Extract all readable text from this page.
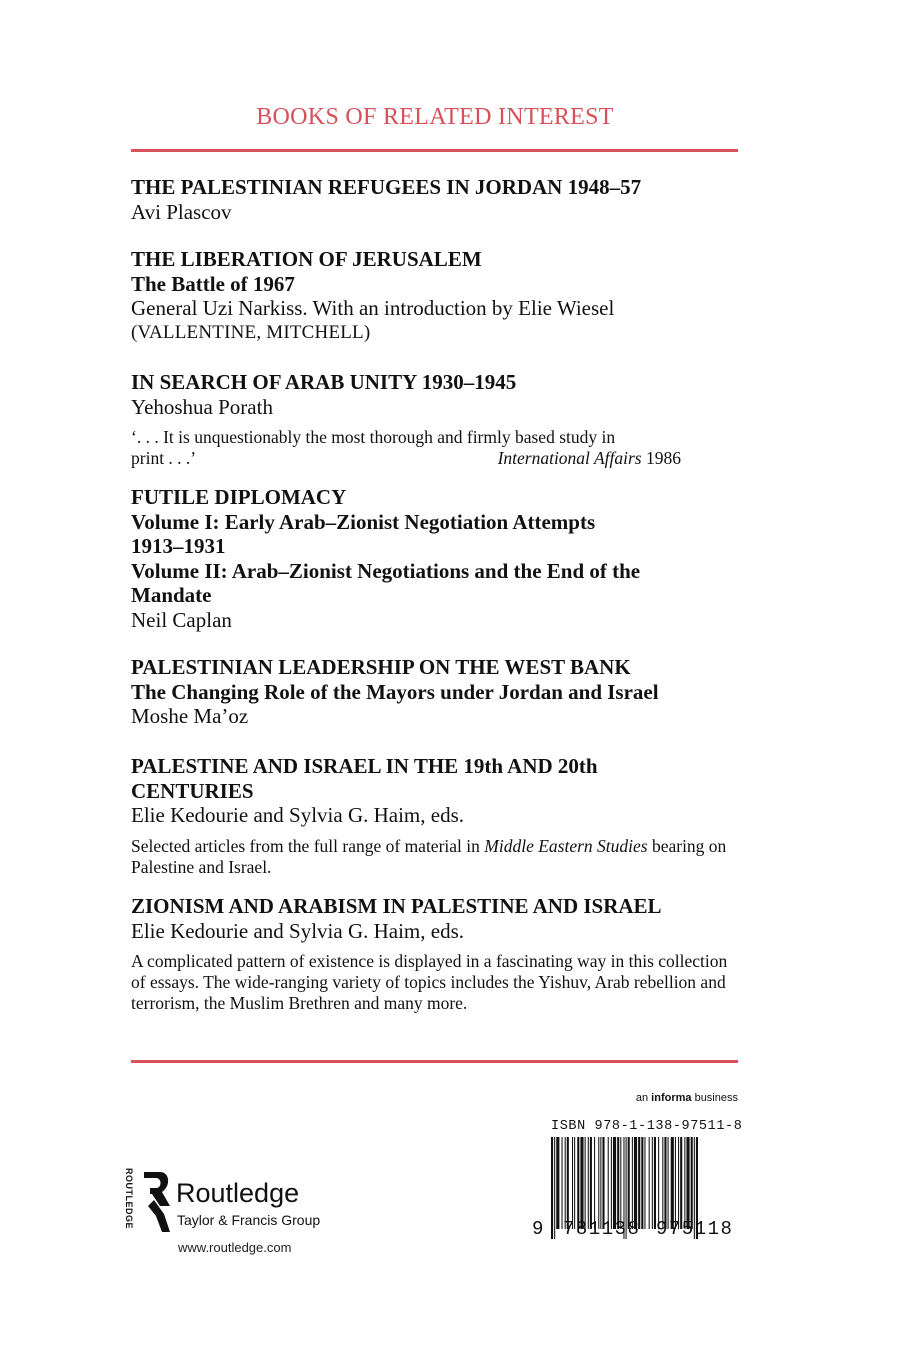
BOOKS OF RELATED INTEREST
THE PALESTINIAN REFUGEES IN JORDAN 1948–57
Avi Plascov
THE LIBERATION OF JERUSALEM
The Battle of 1967
General Uzi Narkiss. With an introduction by Elie Wiesel
(VALLENTINE, MITCHELL)
IN SEARCH OF ARAB UNITY 1930–1945
Yehoshua Porath
‘. . . It is unquestionably the most thorough and firmly based study in
print . . .’	International Affairs 1986
FUTILE DIPLOMACY
Volume I: Early Arab–Zionist Negotiation Attempts
1913–1931
Volume II: Arab–Zionist Negotiations and the End of the
Mandate
Neil Caplan
PALESTINIAN LEADERSHIP ON THE WEST BANK
The Changing Role of the Mayors under Jordan and Israel
Moshe Ma’oz
PALESTINE AND ISRAEL IN THE 19th AND 20th
CENTURIES
Elie Kedourie and Sylvia G. Haim, eds.
Selected articles from the full range of material in Middle Eastern Studies bearing on Palestine and Israel.
ZIONISM AND ARABISM IN PALESTINE AND ISRAEL
Elie Kedourie and Sylvia G. Haim, eds.
A complicated pattern of existence is displayed in a fascinating way in this collection of essays. The wide-ranging variety of topics includes the Yishuv, Arab rebellion and terrorism, the Muslim Brethren and many more.
an informa business
ROUTLEDGE Routledge
Taylor & Francis Group
www.routledge.com
ISBN 978-1-138-97511-8
9 781138 975118
